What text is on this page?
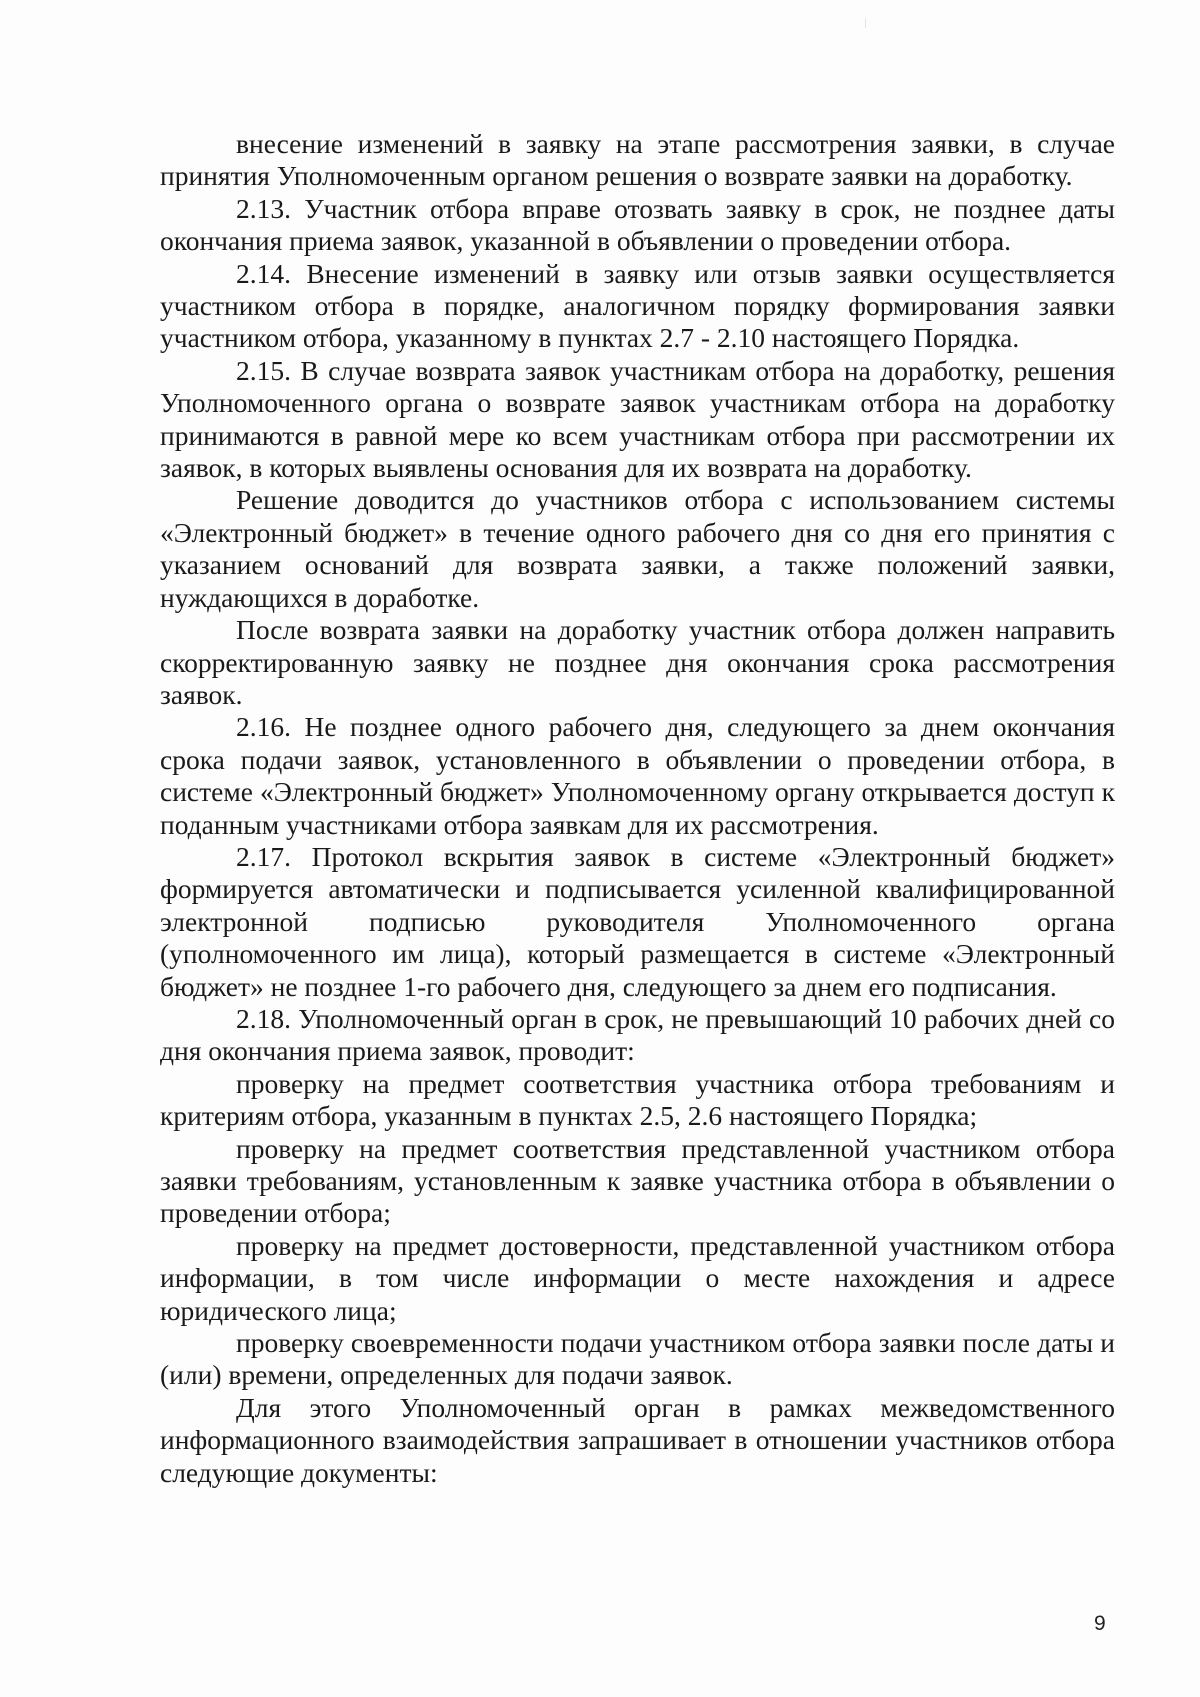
внесение изменений в заявку на этапе рассмотрения заявки, в случае принятия Уполномоченным органом решения о возврате заявки на доработку.

2.13. Участник отбора вправе отозвать заявку в срок, не позднее даты окончания приема заявок, указанной в объявлении о проведении отбора.

2.14. Внесение изменений в заявку или отзыв заявки осуществляется участником отбора в порядке, аналогичном порядку формирования заявки участником отбора, указанному в пунктах 2.7 - 2.10 настоящего Порядка.

2.15. В случае возврата заявок участникам отбора на доработку, решения Уполномоченного органа о возврате заявок участникам отбора на доработку принимаются в равной мере ко всем участникам отбора при рассмотрении их заявок, в которых выявлены основания для их возврата на доработку.

Решение доводится до участников отбора с использованием системы «Электронный бюджет» в течение одного рабочего дня со дня его принятия с указанием оснований для возврата заявки, а также положений заявки, нуждающихся в доработке.

После возврата заявки на доработку участник отбора должен направить скорректированную заявку не позднее дня окончания срока рассмотрения заявок.

2.16. Не позднее одного рабочего дня, следующего за днем окончания срока подачи заявок, установленного в объявлении о проведении отбора, в системе «Электронный бюджет» Уполномоченному органу открывается доступ к поданным участниками отбора заявкам для их рассмотрения.

2.17. Протокол вскрытия заявок в системе «Электронный бюджет» формируется автоматически и подписывается усиленной квалифицированной электронной подписью руководителя Уполномоченного органа (уполномоченного им лица), который размещается в системе «Электронный бюджет» не позднее 1-го рабочего дня, следующего за днем его подписания.

2.18. Уполномоченный орган в срок, не превышающий 10 рабочих дней со дня окончания приема заявок, проводит:

проверку на предмет соответствия участника отбора требованиям и критериям отбора, указанным в пунктах 2.5, 2.6 настоящего Порядка;

проверку на предмет соответствия представленной участником отбора заявки требованиям, установленным к заявке участника отбора в объявлении о проведении отбора;

проверку на предмет достоверности, представленной участником отбора информации, в том числе информации о месте нахождения и адресе юридического лица;

проверку своевременности подачи участником отбора заявки после даты и (или) времени, определенных для подачи заявок.

Для этого Уполномоченный орган в рамках межведомственного информационного взаимодействия запрашивает в отношении участников отбора следующие документы:

9
